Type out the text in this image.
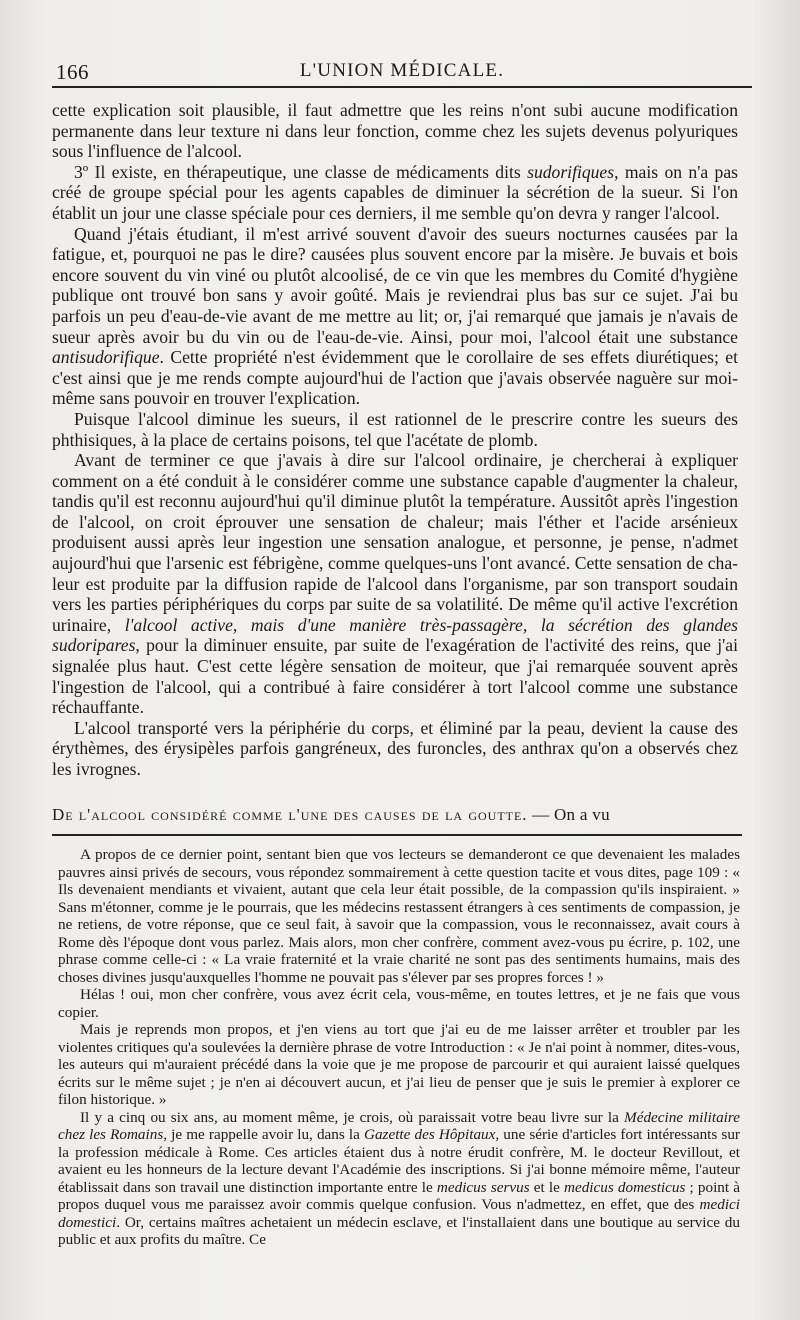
166	L'UNION MÉDICALE.

cette explication soit plausible, il faut admettre que les reins n'ont subi aucune modification permanente dans leur texture ni dans leur fonction, comme chez les sujets devenus polyuriques sous l'influence de l'alcool.

3º Il existe, en thérapeutique, une classe de médicaments dits sudorifiques, mais on n'a pas créé de groupe spécial pour les agents capables de diminuer la sécrétion de la sueur. Si l'on établit un jour une classe spéciale pour ces derniers, il me semble qu'on devra y ranger l'alcool.

Quand j'étais étudiant, il m'est arrivé souvent d'avoir des sueurs nocturnes causées par la fatigue, et, pourquoi ne pas le dire? causées plus souvent encore par la misère. Je buvais et bois encore souvent du vin viné ou plutôt alcoolisé, de ce vin que les membres du Comité d'hygiène publique ont trouvé bon sans y avoir goûté. Mais je reviendrai plus bas sur ce sujet. J'ai bu parfois un peu d'eau-de-vie avant de me mettre au lit; or, j'ai remarqué que jamais je n'avais de sueur après avoir bu du vin ou de l'eau-de-vie. Ainsi, pour moi, l'alcool était une substance antisudorifique. Cette propriété n'est évidemment que le corollaire de ses effets diurétiques; et c'est ainsi que je me rends compte aujourd'hui de l'action que j'avais observée naguère sur moi-même sans pouvoir en trouver l'explication.

Puisque l'alcool diminue les sueurs, il est rationnel de le prescrire contre les sueurs des phthisiques, à la place de certains poisons, tel que l'acétate de plomb.

Avant de terminer ce que j'avais à dire sur l'alcool ordinaire, je chercherai à expliquer comment on a été conduit à le considérer comme une substance capable d'augmenter la chaleur, tandis qu'il est reconnu aujourd'hui qu'il diminue plutôt la température. Aussitôt après l'ingestion de l'alcool, on croit éprouver une sensation de chaleur; mais l'éther et l'acide arsénieux produisent aussi après leur ingestion une sensation analogue, et personne, je pense, n'admet aujourd'hui que l'arsenic est fébrigène, comme quelques-uns l'ont avancé. Cette sensation de chaleur est produite par la diffusion rapide de l'alcool dans l'organisme, par son transport soudain vers les parties périphériques du corps par suite de sa volatilité. De même qu'il active l'excrétion urinaire, l'alcool active, mais d'une manière très-passagère, la sécrétion des glandes sudoripares, pour la diminuer ensuite, par suite de l'exagération de l'activité des reins, que j'ai signalée plus haut. C'est cette légère sensation de moiteur, que j'ai remarquée souvent après l'ingestion de l'alcool, qui a contribué à faire considérer à tort l'alcool comme une substance réchauffante.

L'alcool transporté vers la périphérie du corps, et éliminé par la peau, devient la cause des érythèmes, des érysipèles parfois gangréneux, des furoncles, des anthrax qu'on a observés chez les ivrognes.

De l'alcool considéré comme l'une des causes de la goutte. — On a vu

A propos de ce dernier point, sentant bien que vos lecteurs se demanderont ce que devenaient les malades pauvres ainsi privés de secours, vous répondez sommairement à cette question tacite et vous dites, page 109 : « Ils devenaient mendiants et vivaient, autant que cela leur était possible, de la compassion qu'ils inspiraient. » Sans m'étonner, comme je le pourrais, que les médecins restassent étrangers à ces sentiments de compassion, je ne retiens, de votre réponse, que ce seul fait, à savoir que la compassion, vous le reconnaissez, avait cours à Rome dès l'époque dont vous parlez. Mais alors, mon cher confrère, comment avez-vous pu écrire, p. 102, une phrase comme celle-ci : « La vraie fraternité et la vraie charité ne sont pas des sentiments humains, mais des choses divines jusqu'auxquelles l'homme ne pouvait pas s'élever par ses propres forces ! »

Hélas ! oui, mon cher confrère, vous avez écrit cela, vous-même, en toutes lettres, et je ne fais que vous copier.

Mais je reprends mon propos, et j'en viens au tort que j'ai eu de me laisser arrêter et troubler par les violentes critiques qu'a soulevées la dernière phrase de votre Introduction : « Je n'ai point à nommer, dites-vous, les auteurs qui m'auraient précédé dans la voie que je me propose de parcourir et qui auraient laissé quelques écrits sur le même sujet ; je n'en ai découvert aucun, et j'ai lieu de penser que je suis le premier à explorer ce filon historique. »

Il y a cinq ou six ans, au moment même, je crois, où paraissait votre beau livre sur la Médecine militaire chez les Romains, je me rappelle avoir lu, dans la Gazette des Hôpitaux, une série d'articles fort intéressants sur la profession médicale à Rome. Ces articles étaient dus à notre érudit confrère, M. le docteur Revillout, et avaient eu les honneurs de la lecture devant l'Académie des inscriptions. Si j'ai bonne mémoire même, l'auteur établissait dans son travail une distinction importante entre le medicus servus et le medicus domesticus ; point à propos duquel vous me paraissez avoir commis quelque confusion. Vous n'admettez, en effet, que des medici domestici. Or, certains maîtres achetaient un médecin esclave, et l'installaient dans une boutique au service du public et aux profits du maître. Ce
